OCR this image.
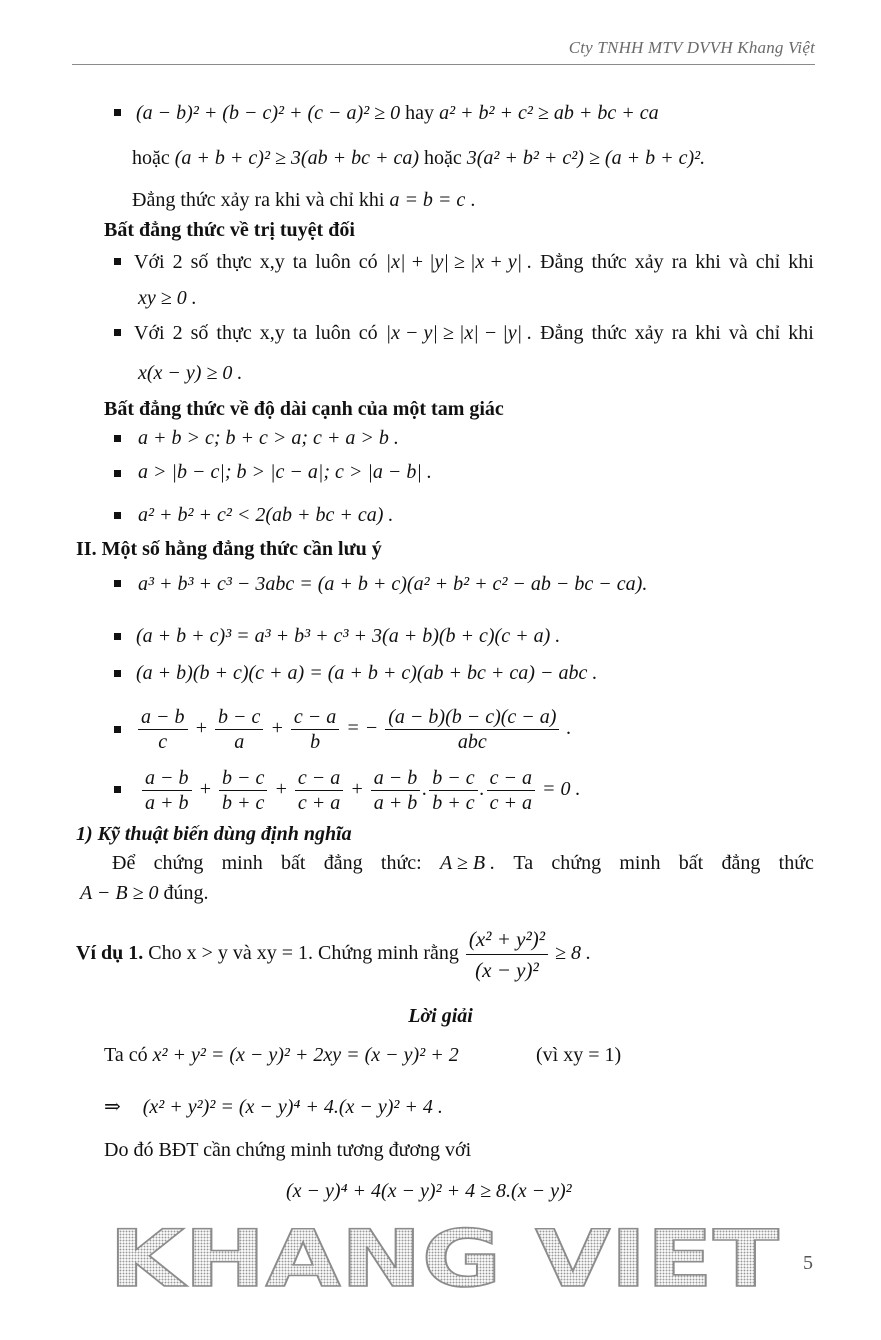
Cty TNHH MTV DVVH Khang Việt
(a − b)² + (b − c)² + (c − a)² ≥ 0 hay a² + b² + c² ≥ ab + bc + ca
hoặc (a + b + c)² ≥ 3(ab + bc + ca) hoặc 3(a² + b² + c²) ≥ (a + b + c)².
Đẳng thức xảy ra khi và chỉ khi a = b = c .
Bất đẳng thức về trị tuyệt đối
Với 2 số thực x,y ta luôn có |x| + |y| ≥ |x + y| . Đẳng thức xảy ra khi và chỉ khi
xy ≥ 0 .
Với 2 số thực x,y ta luôn có |x − y| ≥ |x| − |y| . Đẳng thức xảy ra khi và chỉ khi
x(x − y) ≥ 0 .
Bất đẳng thức về độ dài cạnh của một tam giác
a + b > c; b + c > a; c + a > b .
a > |b − c|; b > |c − a|; c > |a − b| .
a² + b² + c² < 2(ab + bc + ca) .
II. Một số hằng đẳng thức cần lưu ý
a³ + b³ + c³ − 3abc = (a + b + c)(a² + b² + c² − ab − bc − ca).
(a + b + c)³ = a³ + b³ + c³ + 3(a + b)(b + c)(c + a) .
(a + b)(b + c)(c + a) = (a + b + c)(ab + bc + ca) − abc .
$\frac{a - b}{c} + \frac{b - c}{a} + \frac{c - a}{b}$ = − $\frac{(a - b)(b - c)(c - a)}{\text{abc}}$ .
$\frac{a - b}{a + b} + \frac{b - c}{b + c} + \frac{c - a}{c + a} + \frac{a - b}{a + b}$ . $\frac{b - c}{b + c}$ . $\frac{c - a}{c + a} = 0$ .
1) Kỹ thuật biến dùng định nghĩa
Để chứng minh bất đẳng thức: A ≥ B . Ta chứng minh bất đẳng thức
A − B ≥ 0 đúng.
Ví dụ 1. Cho x > y và xy = 1. Chứng minh rằng $\frac{\text{(x² + y²)²}}{\text{(x − y)²}} \ge 8$ .
Lời giải
Ta có x² + y² = (x − y)² + 2xy = (x − y)² + 2	(vì xy = 1)
⇒ (x² + y²)² = (x − y)⁴ + 4.(x − y)² + 4 .
Do đó BĐT cần chứng minh tương đương với
(x − y)⁴ + 4(x − y)² + 4 ≥ 8.(x − y)²
KHANG VIET 5
